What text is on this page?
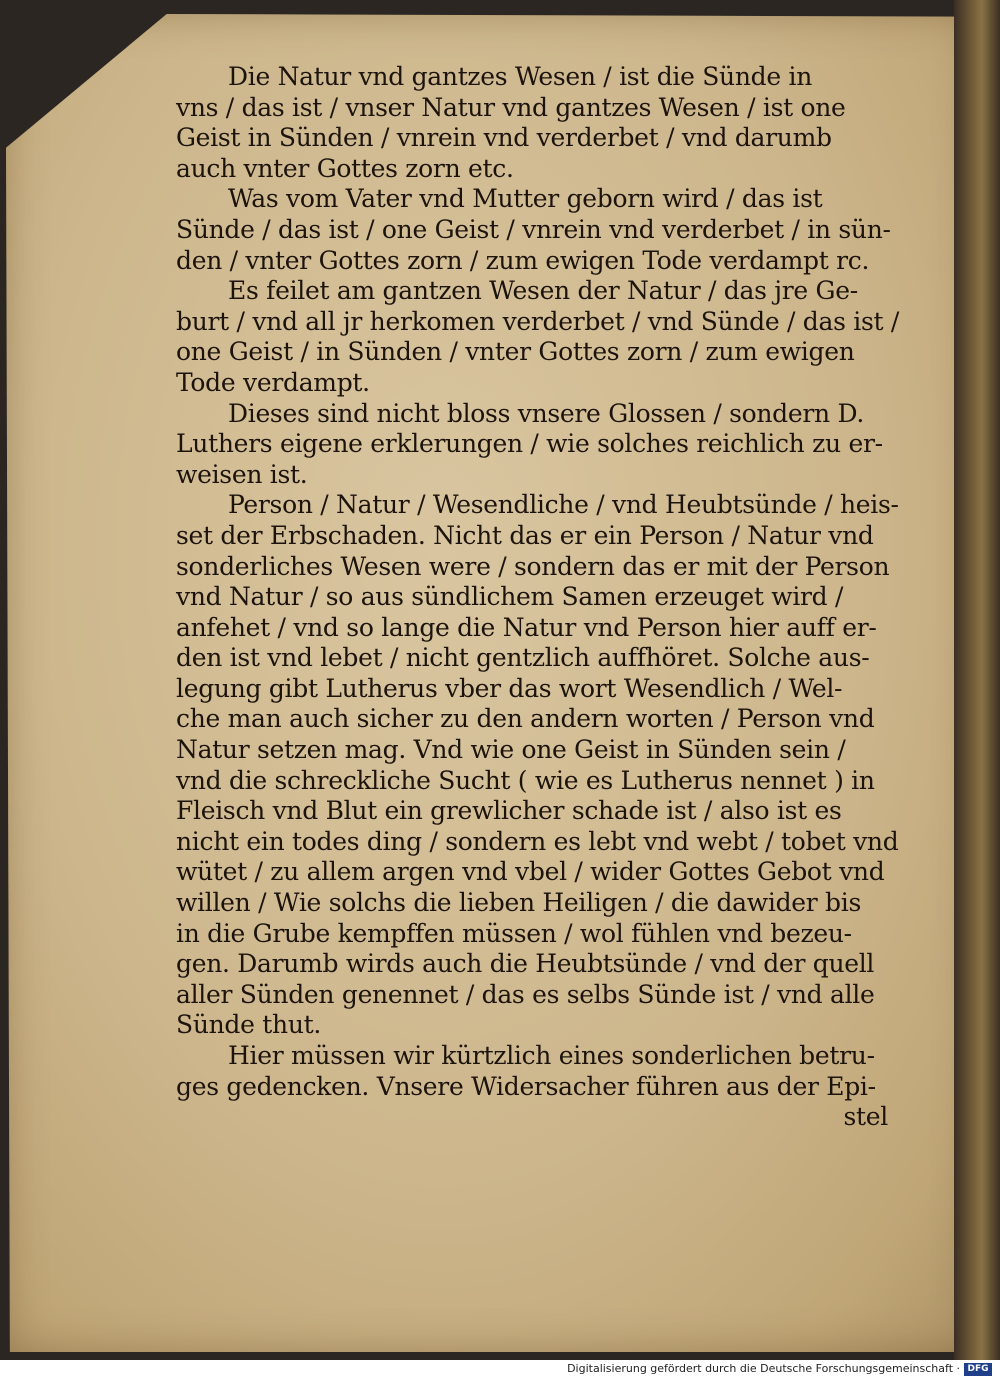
Die Natur vnd gantzes Wesen / ist die Sünde in
vns / das ist / vnser Natur vnd gantzes Wesen / ist one
Geist in Sünden / vnrein vnd verderbet / vnd darumb
auch vnter Gottes zorn etc.
Was vom Vater vnd Mutter geborn wird / das ist
Sünde / das ist / one Geist / vnrein vnd verderbet / in sün-
den / vnter Gottes zorn / zum ewigen Tode verdampt rc.
Es feilet am gantzen Wesen der Natur / das jre Ge-
burt / vnd all jr herkomen verderbet / vnd Sünde / das ist /
one Geist / in Sünden / vnter Gottes zorn / zum ewigen
Tode verdampt.
Dieses sind nicht bloss vnsere Glossen / sondern D.
Luthers eigene erklerungen / wie solches reichlich zu er-
weisen ist.
Person / Natur / Wesendliche / vnd Heubtsünde / heis-
set der Erbschaden. Nicht das er ein Person / Natur vnd
sonderliches Wesen were / sondern das er mit der Person
vnd Natur / so aus sündlichem Samen erzeuget wird /
anfehet / vnd so lange die Natur vnd Person hier auff er-
den ist vnd lebet / nicht gentzlich auffhöret. Solche aus-
legung gibt Lutherus vber das wort Wesendlich / Wel-
che man auch sicher zu den andern worten / Person vnd
Natur setzen mag. Vnd wie one Geist in Sünden sein /
vnd die schreckliche Sucht ( wie es Lutherus nennet ) in
Fleisch vnd Blut ein grewlicher schade ist / also ist es
nicht ein todes ding / sondern es lebt vnd webt / tobet vnd
wütet / zu allem argen vnd vbel / wider Gottes Gebot vnd
willen / Wie solchs die lieben Heiligen / die dawider bis
in die Grube kempffen müssen / wol fühlen vnd bezeu-
gen. Darumb wirds auch die Heubtsünde / vnd der quell
aller Sünden genennet / das es selbs Sünde ist / vnd alle
Sünde thut.
Hier müssen wir kürtzlich eines sonderlichen betru-
ges gedencken. Vnsere Widersacher führen aus der Epi-
stel
Digitalisierung gefördert durch die Deutsche Forschungsgemeinschaft · DFG
